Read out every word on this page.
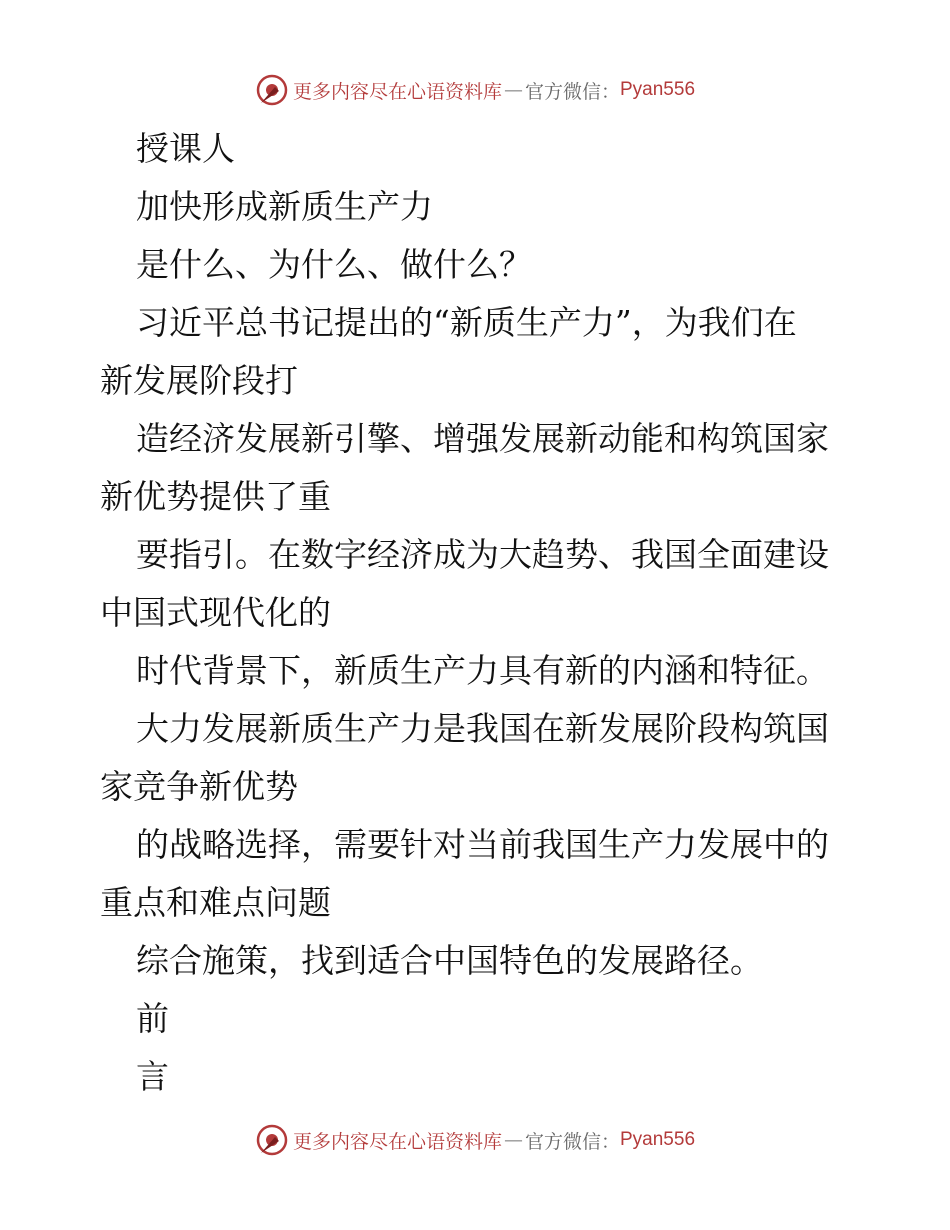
更多内容尽在心语资料库 — 官方微信： Pyan556

授课人

加快形成新质生产力

是什么、为什么、做什么？

习近平总书记提出的“新质生产力”，为我们在

新发展阶段打

造经济发展新引擎、增强发展新动能和构筑国家

新优势提供了重

要指引。在数字经济成为大趋势、我国全面建设

中国式现代化的

时代背景下，新质生产力具有新的内涵和特征。

大力发展新质生产力是我国在新发展阶段构筑国

家竞争新优势

的战略选择，需要针对当前我国生产力发展中的

重点和难点问题

综合施策，找到适合中国特色的发展路径。

前

言

更多内容尽在心语资料库 — 官方微信： Pyan556
